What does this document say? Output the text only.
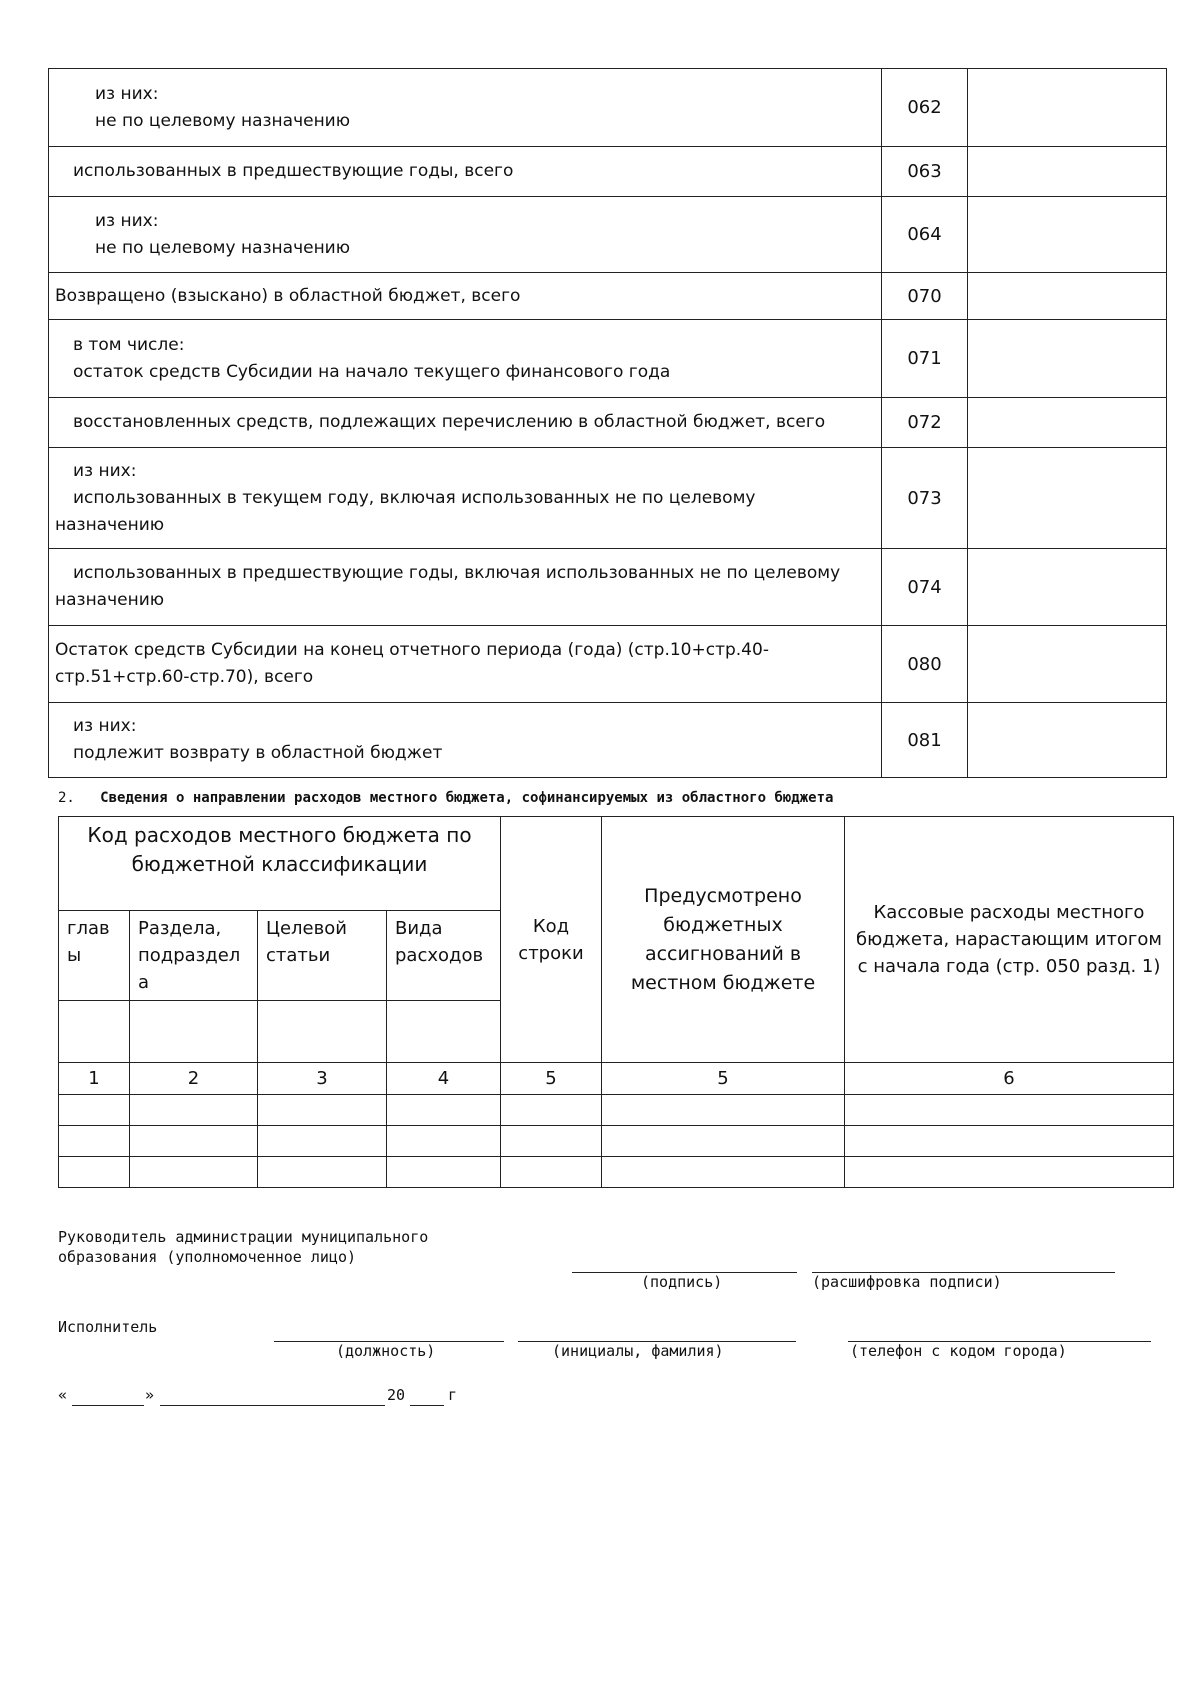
из них:
не по целевому назначению	062	

использованных в предшествующие годы, всего	063	

из них:
не по целевому назначению	064	
Возвращено (взыскано) в областной бюджет, всего	070	

в том числе:
остаток средств Субсидии на начало текущего финансового года	071	

восстановленных средств, подлежащих перечислению в областной бюджет, всего	072	

из них:
использованных в текущем году, включая использованных не по целевому
назначению	073	

использованных в предшествующие годы, включая использованных не по целевому
назначению	074	
Остаток средств Субсидии на конец отчетного периода (года) (стр.10+стр.40-
стр.51+стр.60-стр.70), всего	080	

из них:
подлежит возврату в областной бюджет	081	

2. Сведения о направлении расходов местного бюджета, софинансируемых из областного бюджета

Код расходов местного бюджета по бюджетной классификации				Код строки	Предусмотрено бюджетных ассигнований в местном бюджете	Кассовые расходы местного бюджета, нарастающим итогом с начала года (стр. 050 разд. 1)
глав ы	Раздела, подраздел а	Целевой статьи	Вида расходов			

1	2	3	4	5	5	6

Руководитель администрации муниципального

образования (уполномоченное лицо)

(подпись)	(расшифровка подписи)

Исполнитель

(должность)	(инициалы, фамилия)	(телефон с кодом города)

«	»	20	г
